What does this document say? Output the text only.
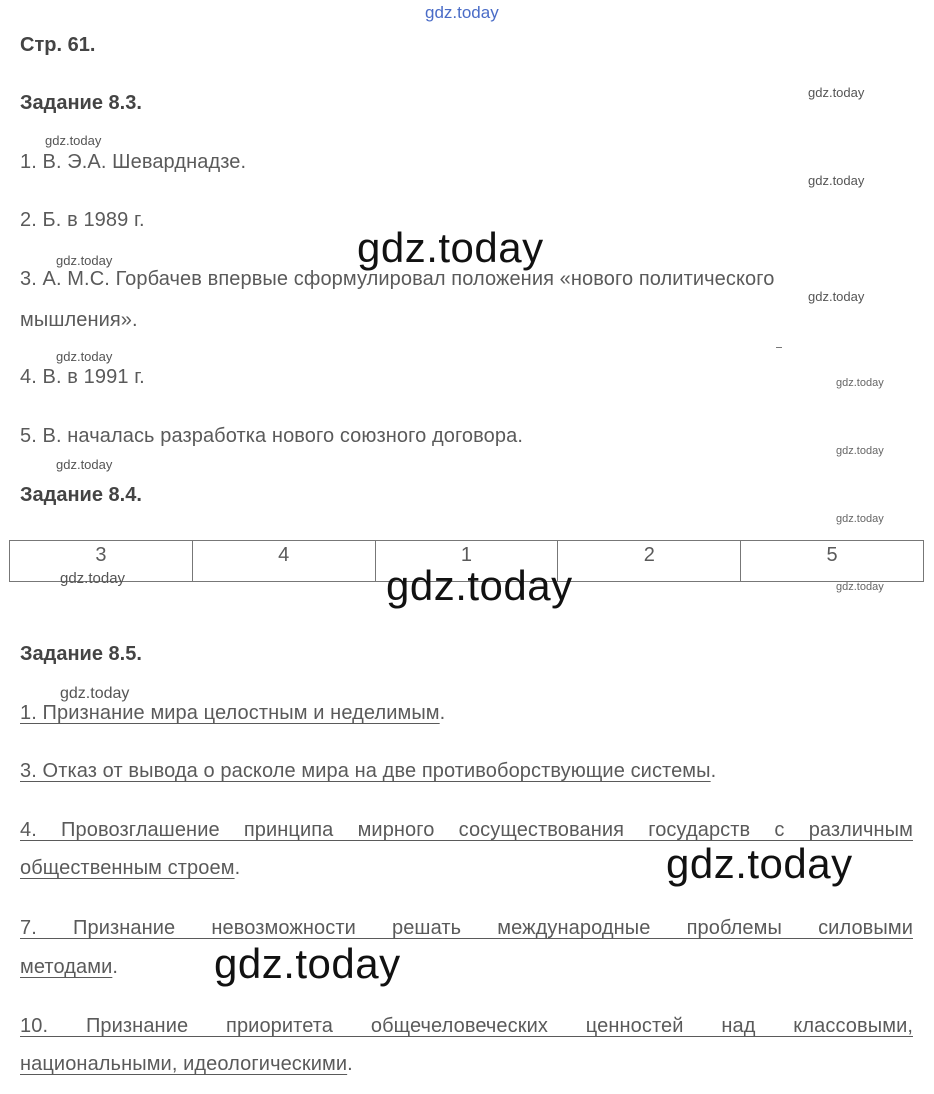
gdz.today
Стр. 61.
Задание 8.3.
1. В. Э.А. Шеварднадзе.
2. Б. в 1989 г.
3. А. М.С. Горбачев впервые сформулировал положения «нового политического
мышления».
4. В. в 1991 г.
5. В. началась разработка нового союзного договора.
Задание 8.4.
3	4	1	2	5
Задание 8.5.
1. Признание мира целостным и неделимым.
3. Отказ от вывода о расколе мира на две противоборствующие системы.
4. Провозглашение принципа мирного сосуществования государств с различным
общественным строем.
7. Признание невозможности решать международные проблемы силовыми
методами.
10. Признание приоритета общечеловеческих ценностей над классовыми,
национальными, идеологическими.
gdz.today
gdz.today
gdz.today
gdz.today
gdz.today
gdz.today
gdz.today
gdz.today
gdz.today
gdz.today
gdz.today	gdz.today
gdz.today
gdz.today
gdz.today
gdz.today
gdz.today
